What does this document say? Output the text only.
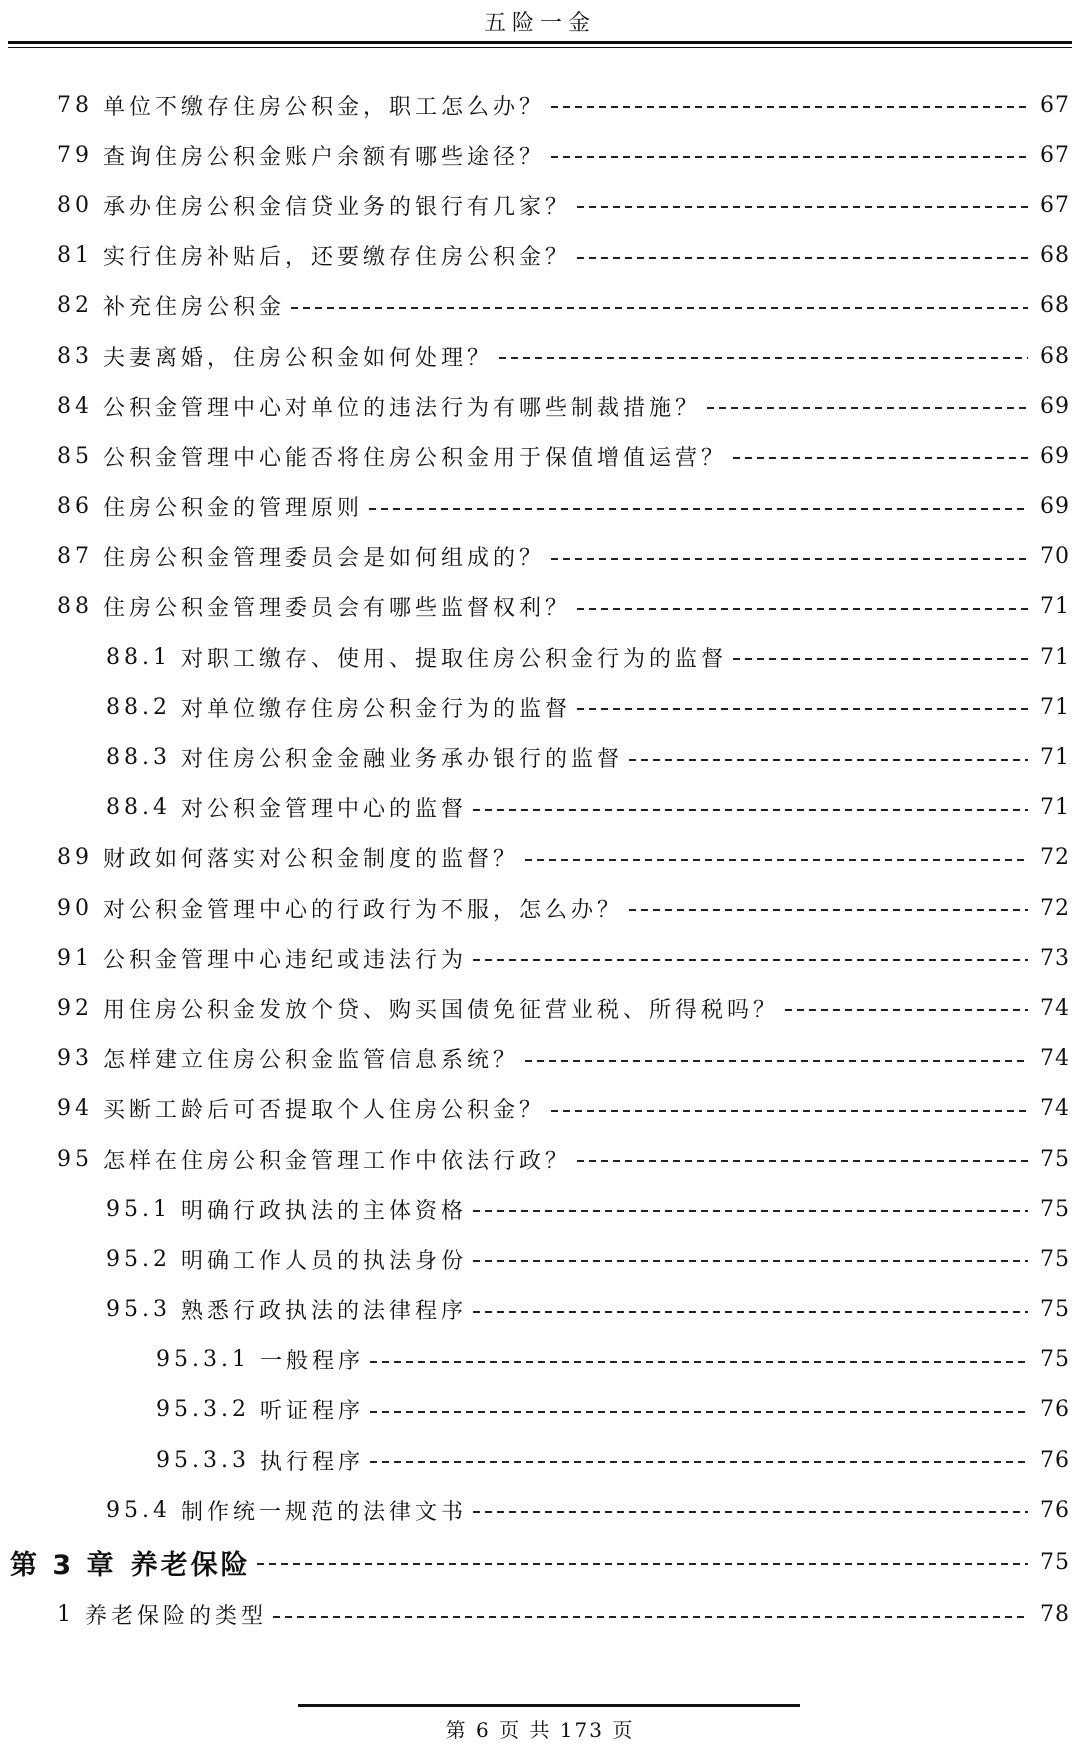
五险一金
78 单位不缴存住房公积金，职工怎么办？	67
79 查询住房公积金账户余额有哪些途径？	67
80 承办住房公积金信贷业务的银行有几家？	67
81 实行住房补贴后，还要缴存住房公积金？	68
82 补充住房公积金	68
83 夫妻离婚，住房公积金如何处理？	68
84 公积金管理中心对单位的违法行为有哪些制裁措施？	69
85 公积金管理中心能否将住房公积金用于保值增值运营？	69
86 住房公积金的管理原则	69
87 住房公积金管理委员会是如何组成的？	70
88 住房公积金管理委员会有哪些监督权利？	71
88.1 对职工缴存、使用、提取住房公积金行为的监督	71
88.2 对单位缴存住房公积金行为的监督	71
88.3 对住房公积金金融业务承办银行的监督	71
88.4 对公积金管理中心的监督	71
89 财政如何落实对公积金制度的监督？	72
90 对公积金管理中心的行政行为不服，怎么办？	72
91 公积金管理中心违纪或违法行为	73
92 用住房公积金发放个贷、购买国债免征营业税、所得税吗？	74
93 怎样建立住房公积金监管信息系统？	74
94 买断工龄后可否提取个人住房公积金？	74
95 怎样在住房公积金管理工作中依法行政？	75
95.1 明确行政执法的主体资格	75
95.2 明确工作人员的执法身份	75
95.3 熟悉行政执法的法律程序	75
95.3.1 一般程序	75
95.3.2 听证程序	76
95.3.3 执行程序	76
95.4 制作统一规范的法律文书	76
第 3 章 养老保险	75
1 养老保险的类型	78
第 6 页 共 173 页
